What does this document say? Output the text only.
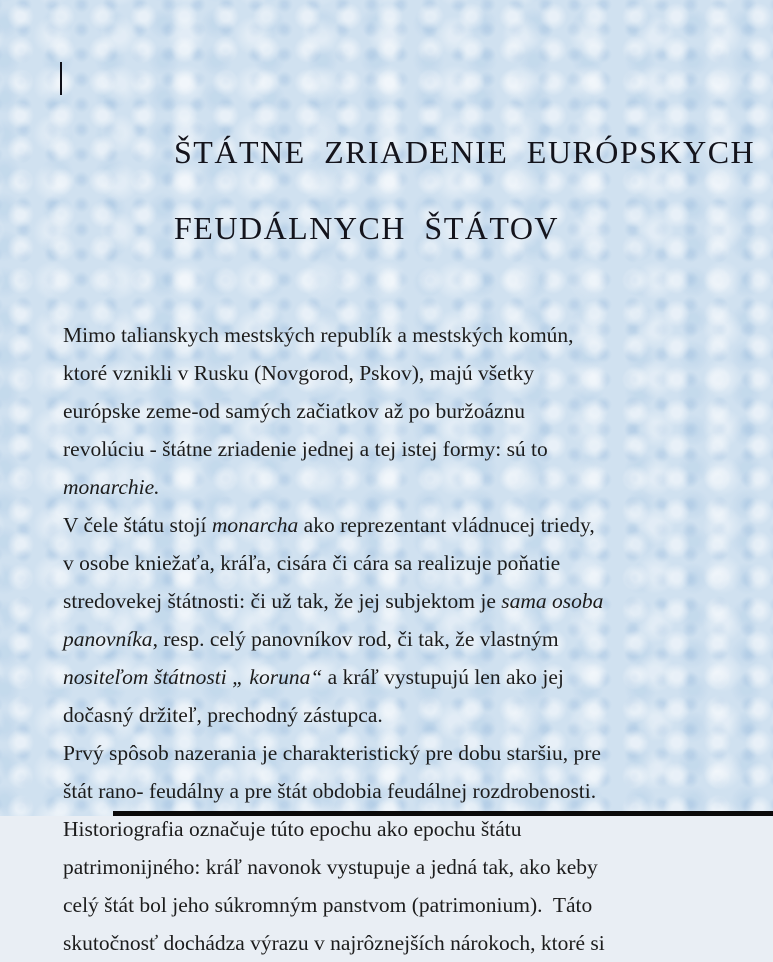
ŠTÁTNE ZRIADENIE EURÓPSKYCH

FEUDÁLNYCH ŠTÁTOV

Mimo talianskych mestských republík a mestských komún,
ktoré vznikli v Rusku (Novgorod, Pskov), majú všetky
európske zeme-od samých začiatkov až po buržoáznu
revolúciu - štátne zriadenie jednej a tej istej formy: sú to
monarchie.
V čele štátu stojí monarcha ako reprezentant vládnucej triedy,
v osobe kniežaťa, kráľa, cisára či cára sa realizuje poňatie
stredovekej štátnosti: či už tak, že jej subjektom je sama osoba
panovníka, resp. celý panovníkov rod, či tak, že vlastným
nositeľom štátnosti „ koruna“ a kráľ vystupujú len ako jej
dočasný držiteľ, prechodný zástupca.
Prvý spôsob nazerania je charakteristický pre dobu staršiu, pre
štát rano- feudálny a pre štát obdobia feudálnej rozdrobenosti.
Historiografia označuje túto epochu ako epochu štátu
patrimonijného: kráľ navonok vystupuje a jedná tak, ako keby
celý štát bol jeho súkromným panstvom (patrimonium).  Táto
skutočnosť dochádza výrazu v najrôznejších nárokoch, ktoré si
